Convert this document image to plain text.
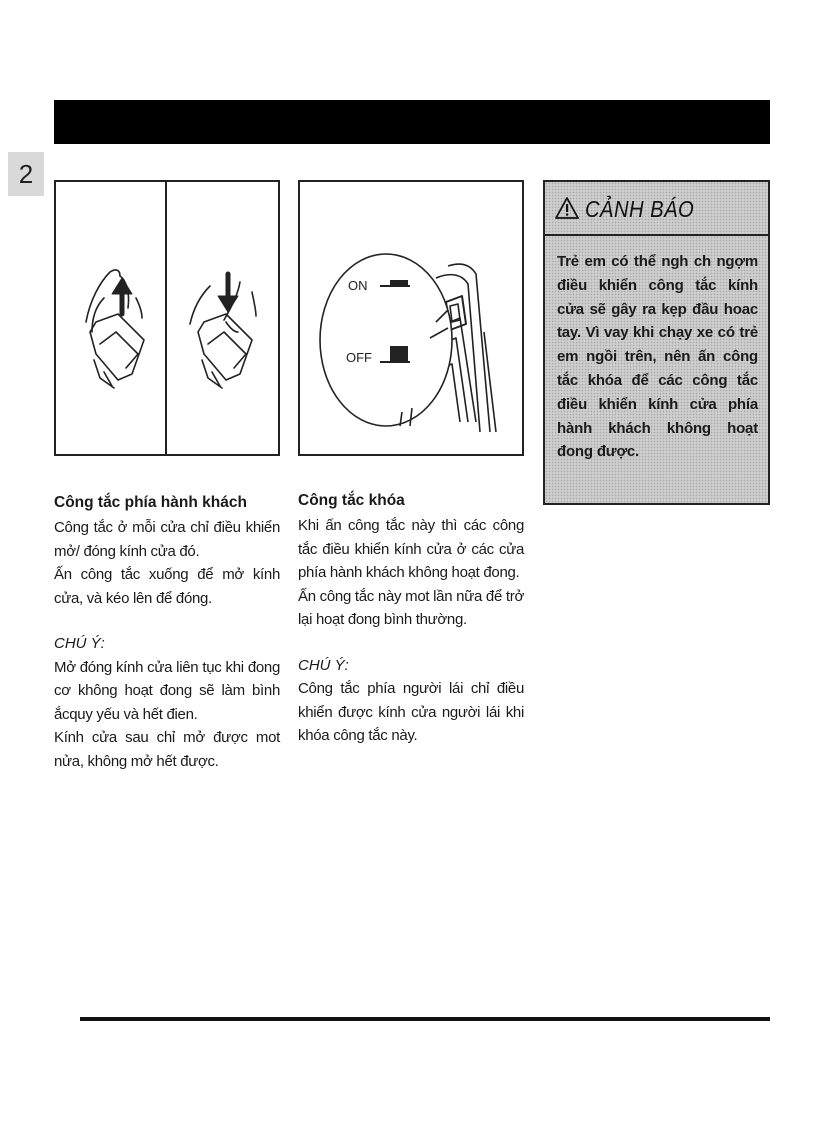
2
ON
OFF
CẢNH BÁO
Trẻ em có thể ngh ch ngợm điều khiển công tắc kính cửa sẽ gây ra kẹp đầu hoac tay. Vì vay khi chạy xe có trẻ em ngồi trên, nên ấn công tắc khóa để các công tắc điều khiển kính cửa phía hành khách không hoạt đong được.
Công tắc phía hành khách

Công tắc ở mỗi cửa chỉ điều khiển mở/ đóng kính cửa đó.

Ấn công tắc xuống để mở kính cửa, và kéo lên để đóng.

CHÚ Ý:

Mở đóng kính cửa liên tục khi đong cơ không hoạt đong sẽ làm bình ắcquy yếu và hết đien.

Kính cửa sau chỉ mở được mot nửa, không mở hết được.

Công tắc khóa

Khi ấn công tắc này thì các công tắc điều khiển kính cửa ở các cửa phía hành khách không hoạt đong.

Ấn công tắc này mot lần nữa để trở lại hoạt đong bình thường.

CHÚ Ý:

Công tắc phía người lái chỉ điều khiển được kính cửa người lái khi khóa công tắc này.
